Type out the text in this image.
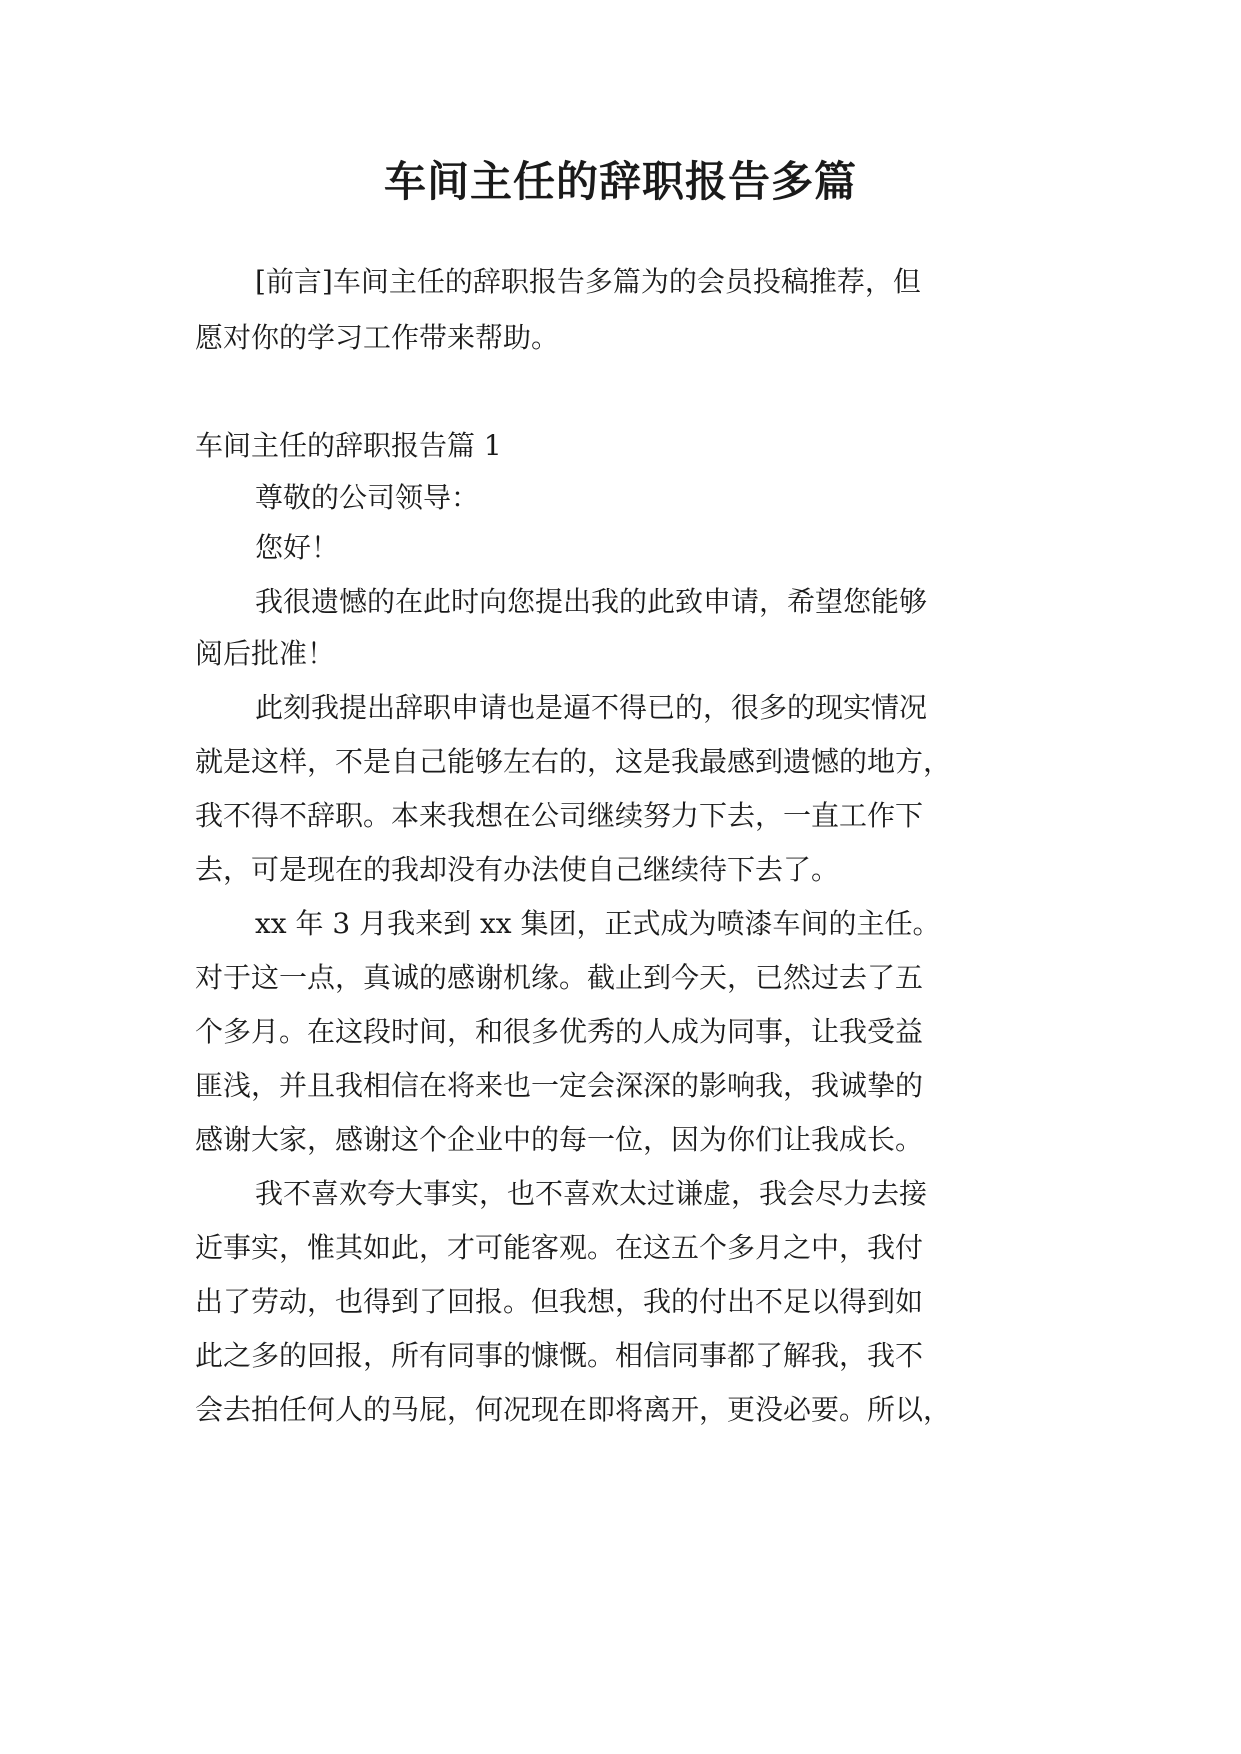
车间主任的辞职报告多篇
[前言]车间主任的辞职报告多篇为的会员投稿推荐，但
愿对你的学习工作带来帮助。
车间主任的辞职报告篇 1
尊敬的公司领导：
您好！
我很遗憾的在此时向您提出我的此致申请，希望您能够
阅后批准！
此刻我提出辞职申请也是逼不得已的，很多的现实情况
就是这样，不是自己能够左右的，这是我最感到遗憾的地方，
我不得不辞职。本来我想在公司继续努力下去，一直工作下
去，可是现在的我却没有办法使自己继续待下去了。
xx 年 3 月我来到 xx 集团，正式成为喷漆车间的主任。
对于这一点，真诚的感谢机缘。截止到今天，已然过去了五
个多月。在这段时间，和很多优秀的人成为同事，让我受益
匪浅，并且我相信在将来也一定会深深的影响我，我诚挚的
感谢大家，感谢这个企业中的每一位，因为你们让我成长。
我不喜欢夸大事实，也不喜欢太过谦虚，我会尽力去接
近事实，惟其如此，才可能客观。在这五个多月之中，我付
出了劳动，也得到了回报。但我想，我的付出不足以得到如
此之多的回报，所有同事的慷慨。相信同事都了解我，我不
会去拍任何人的马屁，何况现在即将离开，更没必要。所以，
